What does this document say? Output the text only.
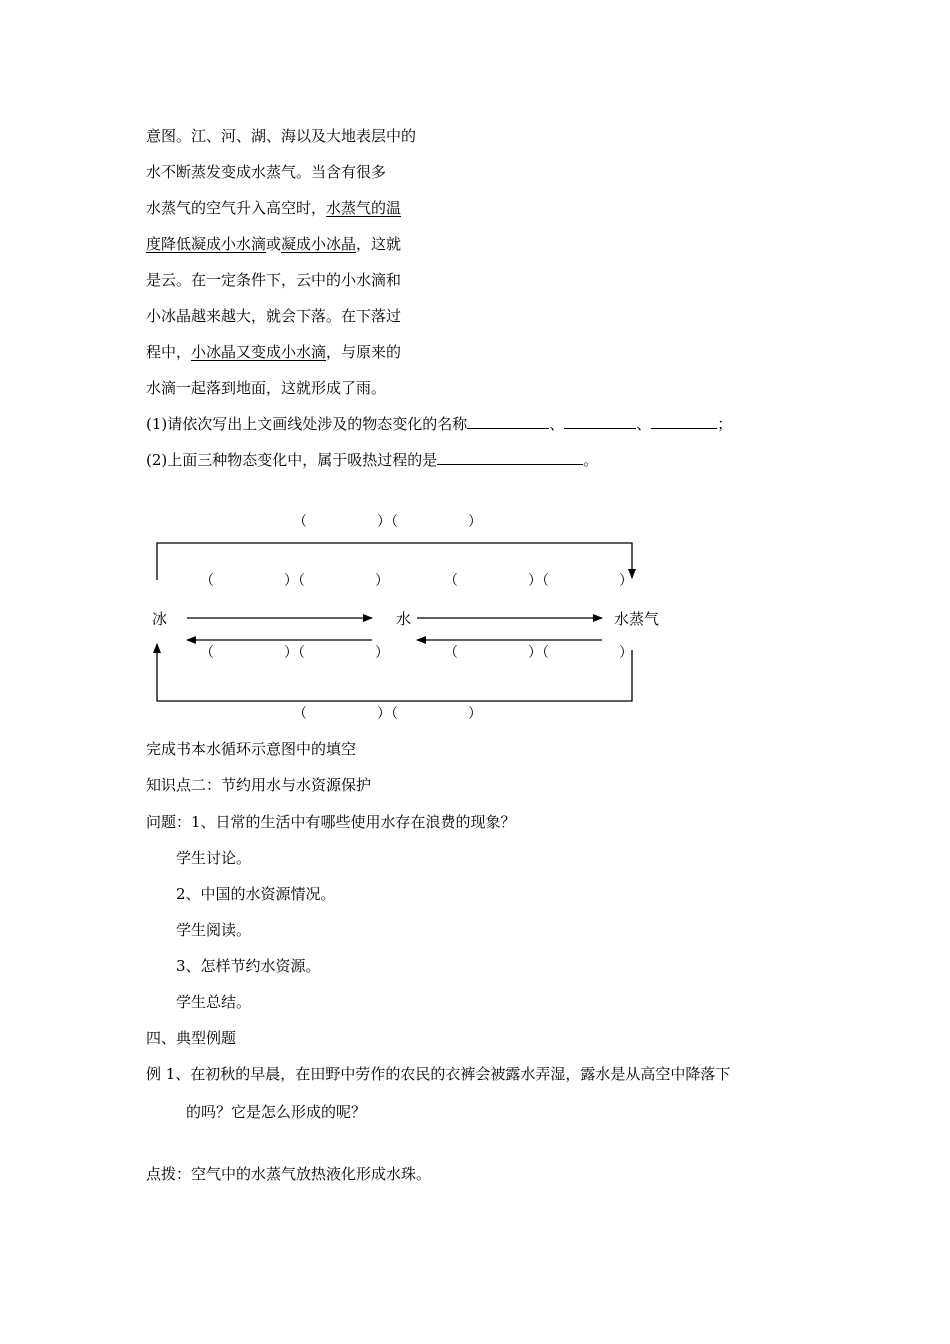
意图。江、河、湖、海以及大地表层中的
水不断蒸发变成水蒸气。当含有很多
水蒸气的空气升入高空时，水蒸气的温
度降低凝成小水滴或凝成小冰晶，这就
是云。在一定条件下，云中的小水滴和
小冰晶越来越大，就会下落。在下落过
程中，小冰晶又变成小水滴，与原来的
水滴一起落到地面，这就形成了雨。
(1)请依次写出上文画线处涉及的物态变化的名称	、	、	；
(2)上面三种物态变化中，属于吸热过程的是	。
（　　　　　）（　　　　　）
（　　　　　）（　　　　　）	（　　　　　）（　　　　　）
冰	水	水蒸气
（　　　　　）（　　　　　）	（　　　　　）（　　　　　）
（　　　　　）（　　　　　）
完成书本水循环示意图中的填空
知识点二：节约用水与水资源保护
问题：1、日常的生活中有哪些使用水存在浪费的现象？
学生讨论。
2、中国的水资源情况。
学生阅读。
3、怎样节约水资源。
学生总结。
四、典型例题
例 1、在初秋的早晨，在田野中劳作的农民的衣裤会被露水弄湿，露水是从高空中降落下
的吗？它是怎么形成的呢？
点拨：空气中的水蒸气放热液化形成水珠。
